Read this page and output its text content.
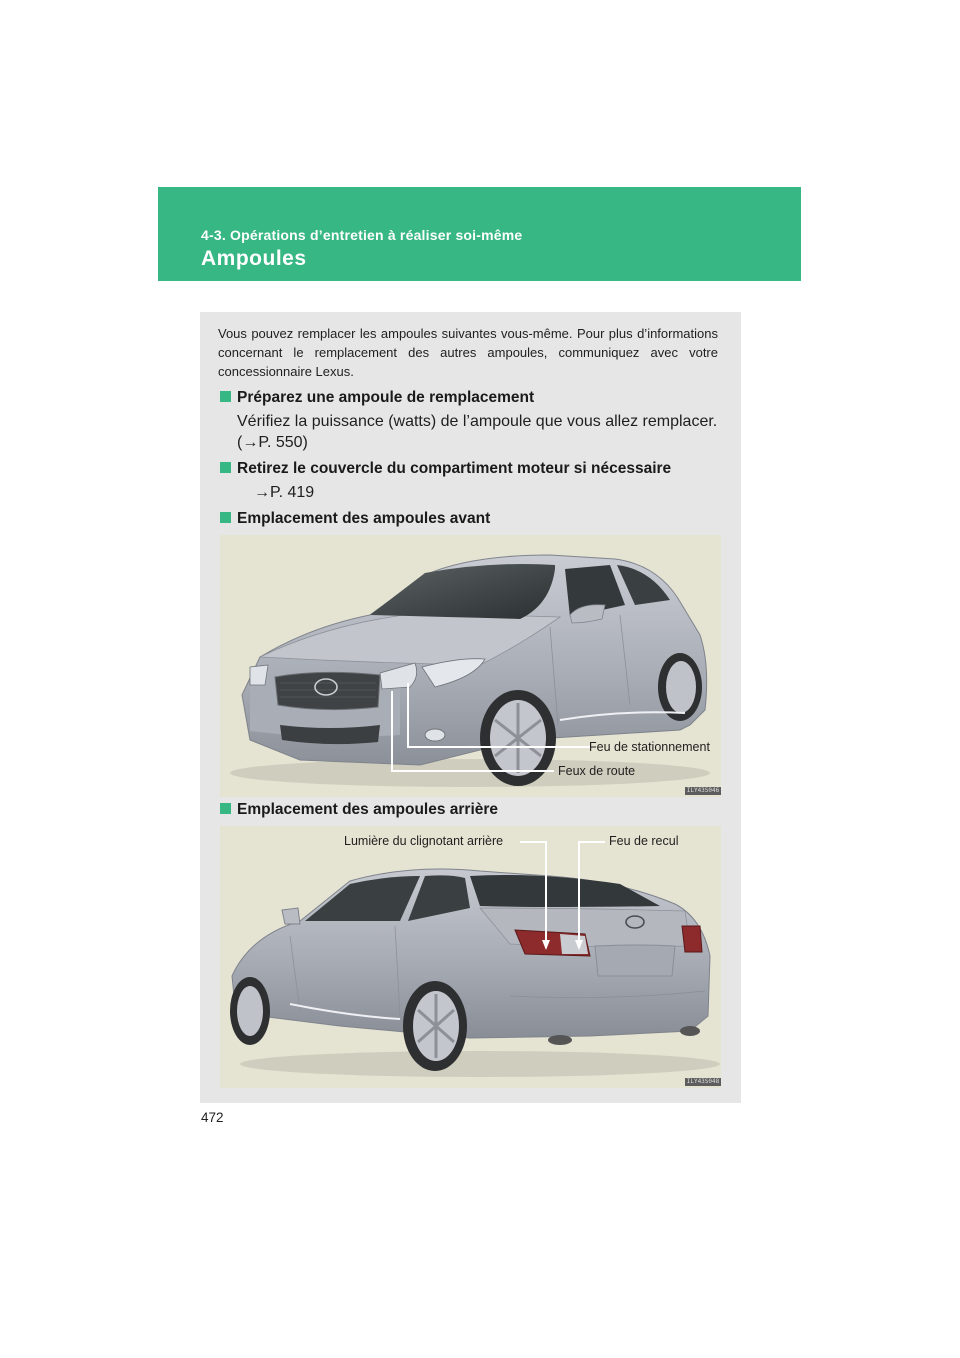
4-3. Opérations d’entretien à réaliser soi-même
Ampoules
Vous pouvez remplacer les ampoules suivantes vous-même. Pour plus d’informations concernant le remplacement des autres ampoules, communiquez avec votre concessionnaire Lexus.
Préparez une ampoule de remplacement
Vérifiez la puissance (watts) de l’ampoule que vous allez remplacer.
(→P. 550)
Retirez le couvercle du compartiment moteur si nécessaire
→P. 419
Emplacement des ampoules avant
Feu de stationnement
Feux de route
ILY43S046
Emplacement des ampoules arrière
Lumière du clignotant arrière	Feu de recul
ILY43S048
472
